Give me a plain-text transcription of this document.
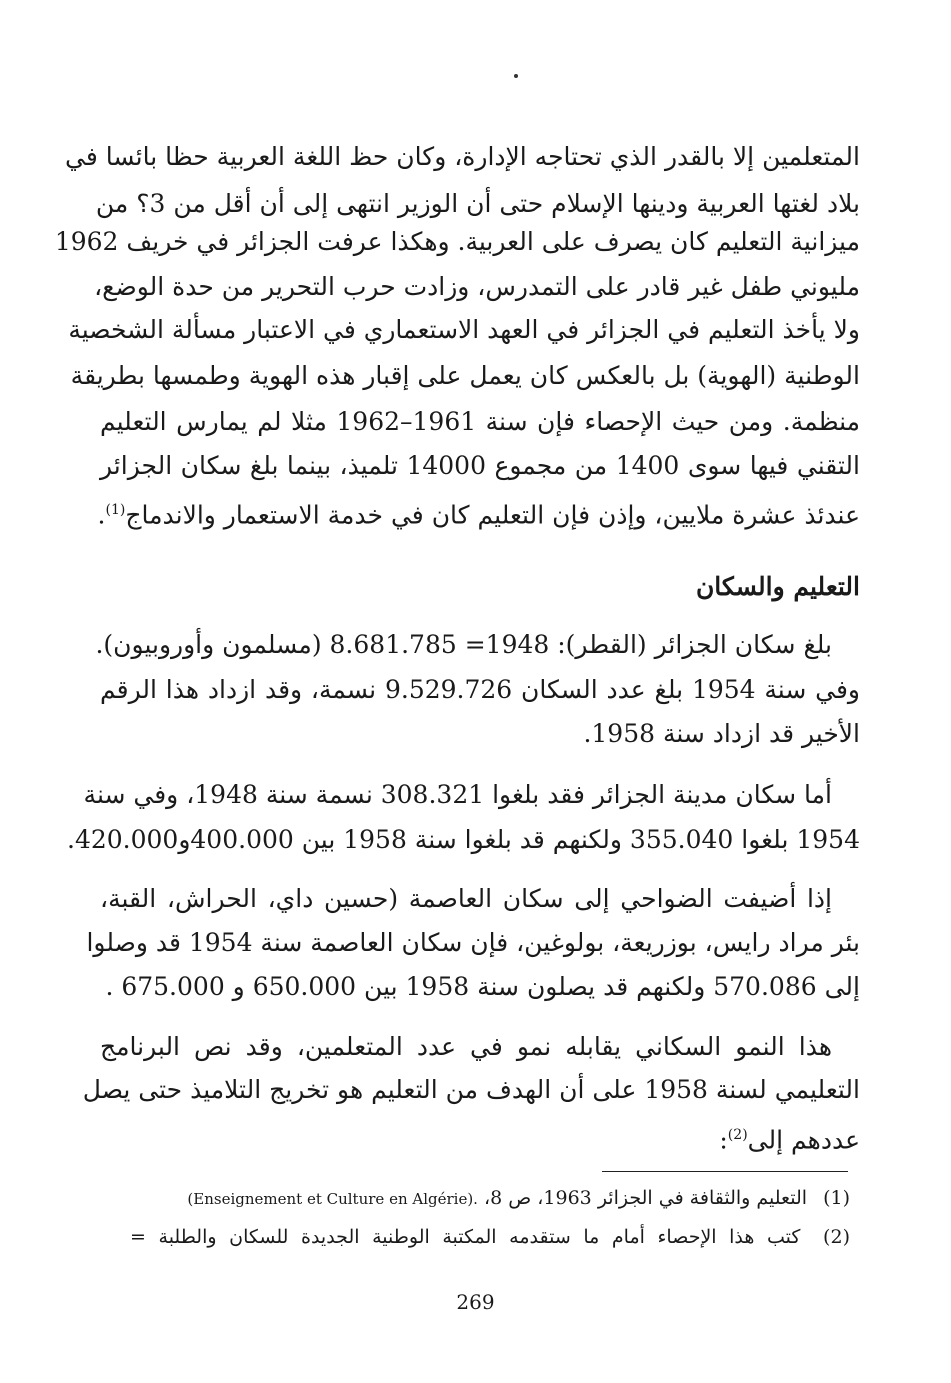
المتعلمين إلا بالقدر الذي تحتاجه الإدارة، وكان حظ اللغة العربية حظا بائسا في
بلاد لغتها العربية ودينها الإسلام حتى أن الوزير انتهى إلى أن أقل من 3؟ من
ميزانية التعليم كان يصرف على العربية. وهكذا عرفت الجزائر في خريف 1962
مليوني طفل غير قادر على التمدرس، وزادت حرب التحرير من حدة الوضع،
ولا يأخذ التعليم في الجزائر في العهد الاستعماري في الاعتبار مسألة الشخصية
الوطنية (الهوية) بل بالعكس كان يعمل على إقبار هذه الهوية وطمسها بطريقة
منظمة. ومن حيث الإحصاء فإن سنة 1961–1962 مثلا لم يمارس التعليم
التقني فيها سوى 1400 من مجموع 14000 تلميذ، بينما بلغ سكان الجزائر
عندئذ عشرة ملايين، وإذن فإن التعليم كان في خدمة الاستعمار والاندماج$^{(1)}$.
التعليم والسكان
بلغ سكان الجزائر (القطر): 1948= 8.681.785 (مسلمون وأوروبيون).
وفي سنة 1954 بلغ عدد السكان 9.529.726 نسمة، وقد ازداد هذا الرقم
الأخير قد ازداد سنة 1958.
أما سكان مدينة الجزائر فقد بلغوا 308.321 نسمة سنة 1948، وفي سنة
1954 بلغوا 355.040 ولكنهم قد بلغوا سنة 1958 بين 400.000و420.000.
إذا أضيفت الضواحي إلى سكان العاصمة (حسين داي، الحراش، القبة،
بئر مراد رايس، بوزريعة، بولوغين، فإن سكان العاصمة سنة 1954 قد وصلوا
إلى 570.086 ولكنهم قد يصلون سنة 1958 بين 650.000 و 675.000 .
هذا النمو السكاني يقابله نمو في عدد المتعلمين، وقد نص البرنامج
التعليمي لسنة 1958 على أن الهدف من التعليم هو تخريج التلاميذ حتى يصل
عددهم إلى$^{(2)}$:
(1) التعليم والثقافة في الجزائر 1963، ص 8، (Enseignement et Culture en Algérie).
(2) كتب هذا الإحصاء أمام ما ستقدمه المكتبة الوطنية الجديدة للسكان والطلبة =
269
